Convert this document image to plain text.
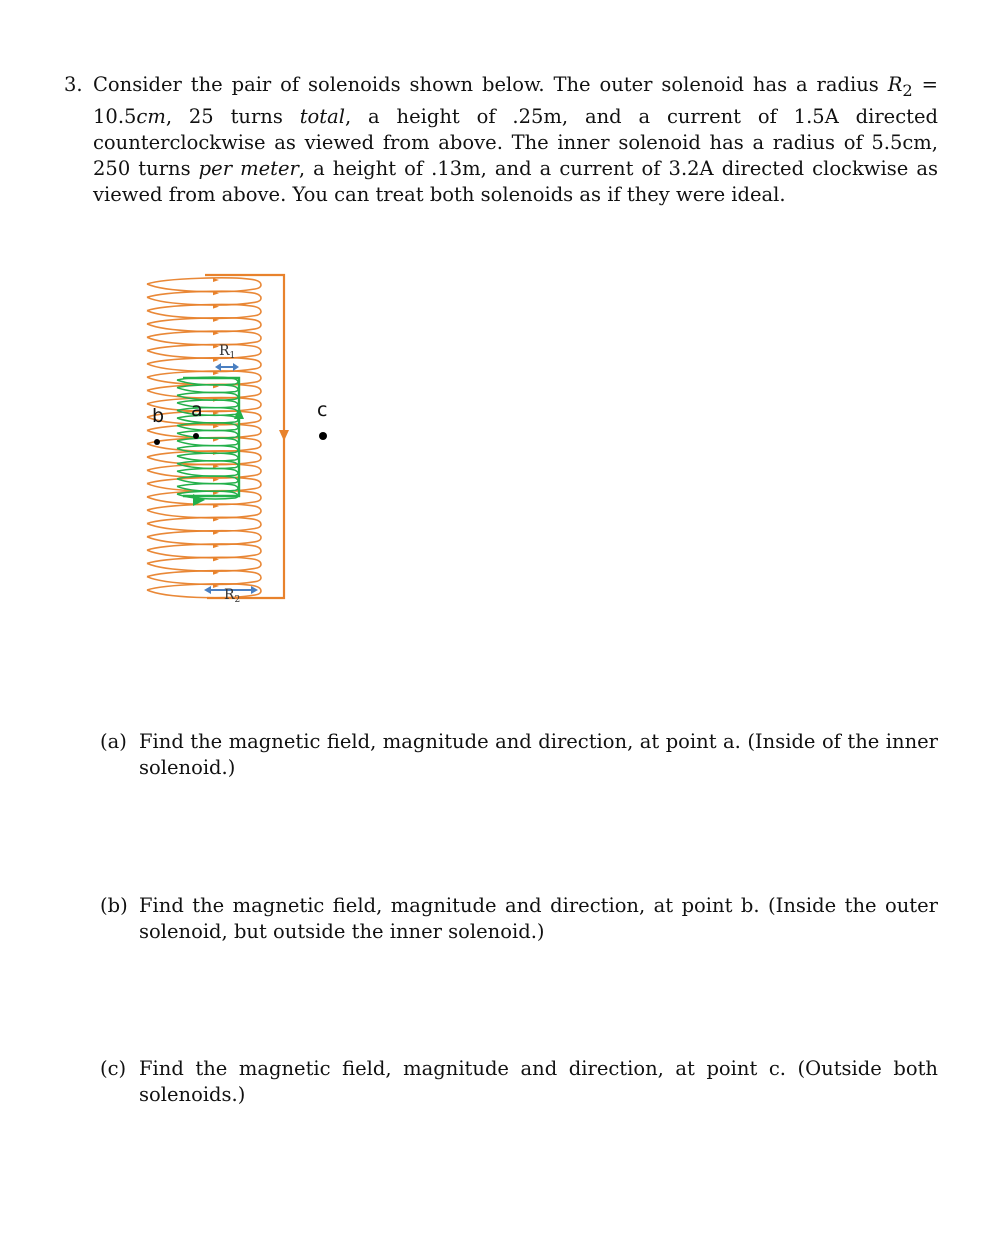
3. Consider the pair of solenoids shown below. The outer solenoid has a radius $R_2 = 10.5cm$, 25 turns total, a height of .25m, and a current of 1.5A directed counterclockwise as viewed from above. The inner solenoid has a radius of 5.5cm, 250 turns per meter, a height of .13m, and a current of 3.2A directed clockwise as viewed from above. You can treat both solenoids as if they were ideal.
$R_1$
$R_2$
b a	c
(a) Find the magnetic field, magnitude and direction, at point a. (Inside of the inner solenoid.)
(b) Find the magnetic field, magnitude and direction, at point b. (Inside the outer solenoid, but outside the inner solenoid.)
(c) Find the magnetic field, magnitude and direction, at point c. (Outside both solenoids.)
